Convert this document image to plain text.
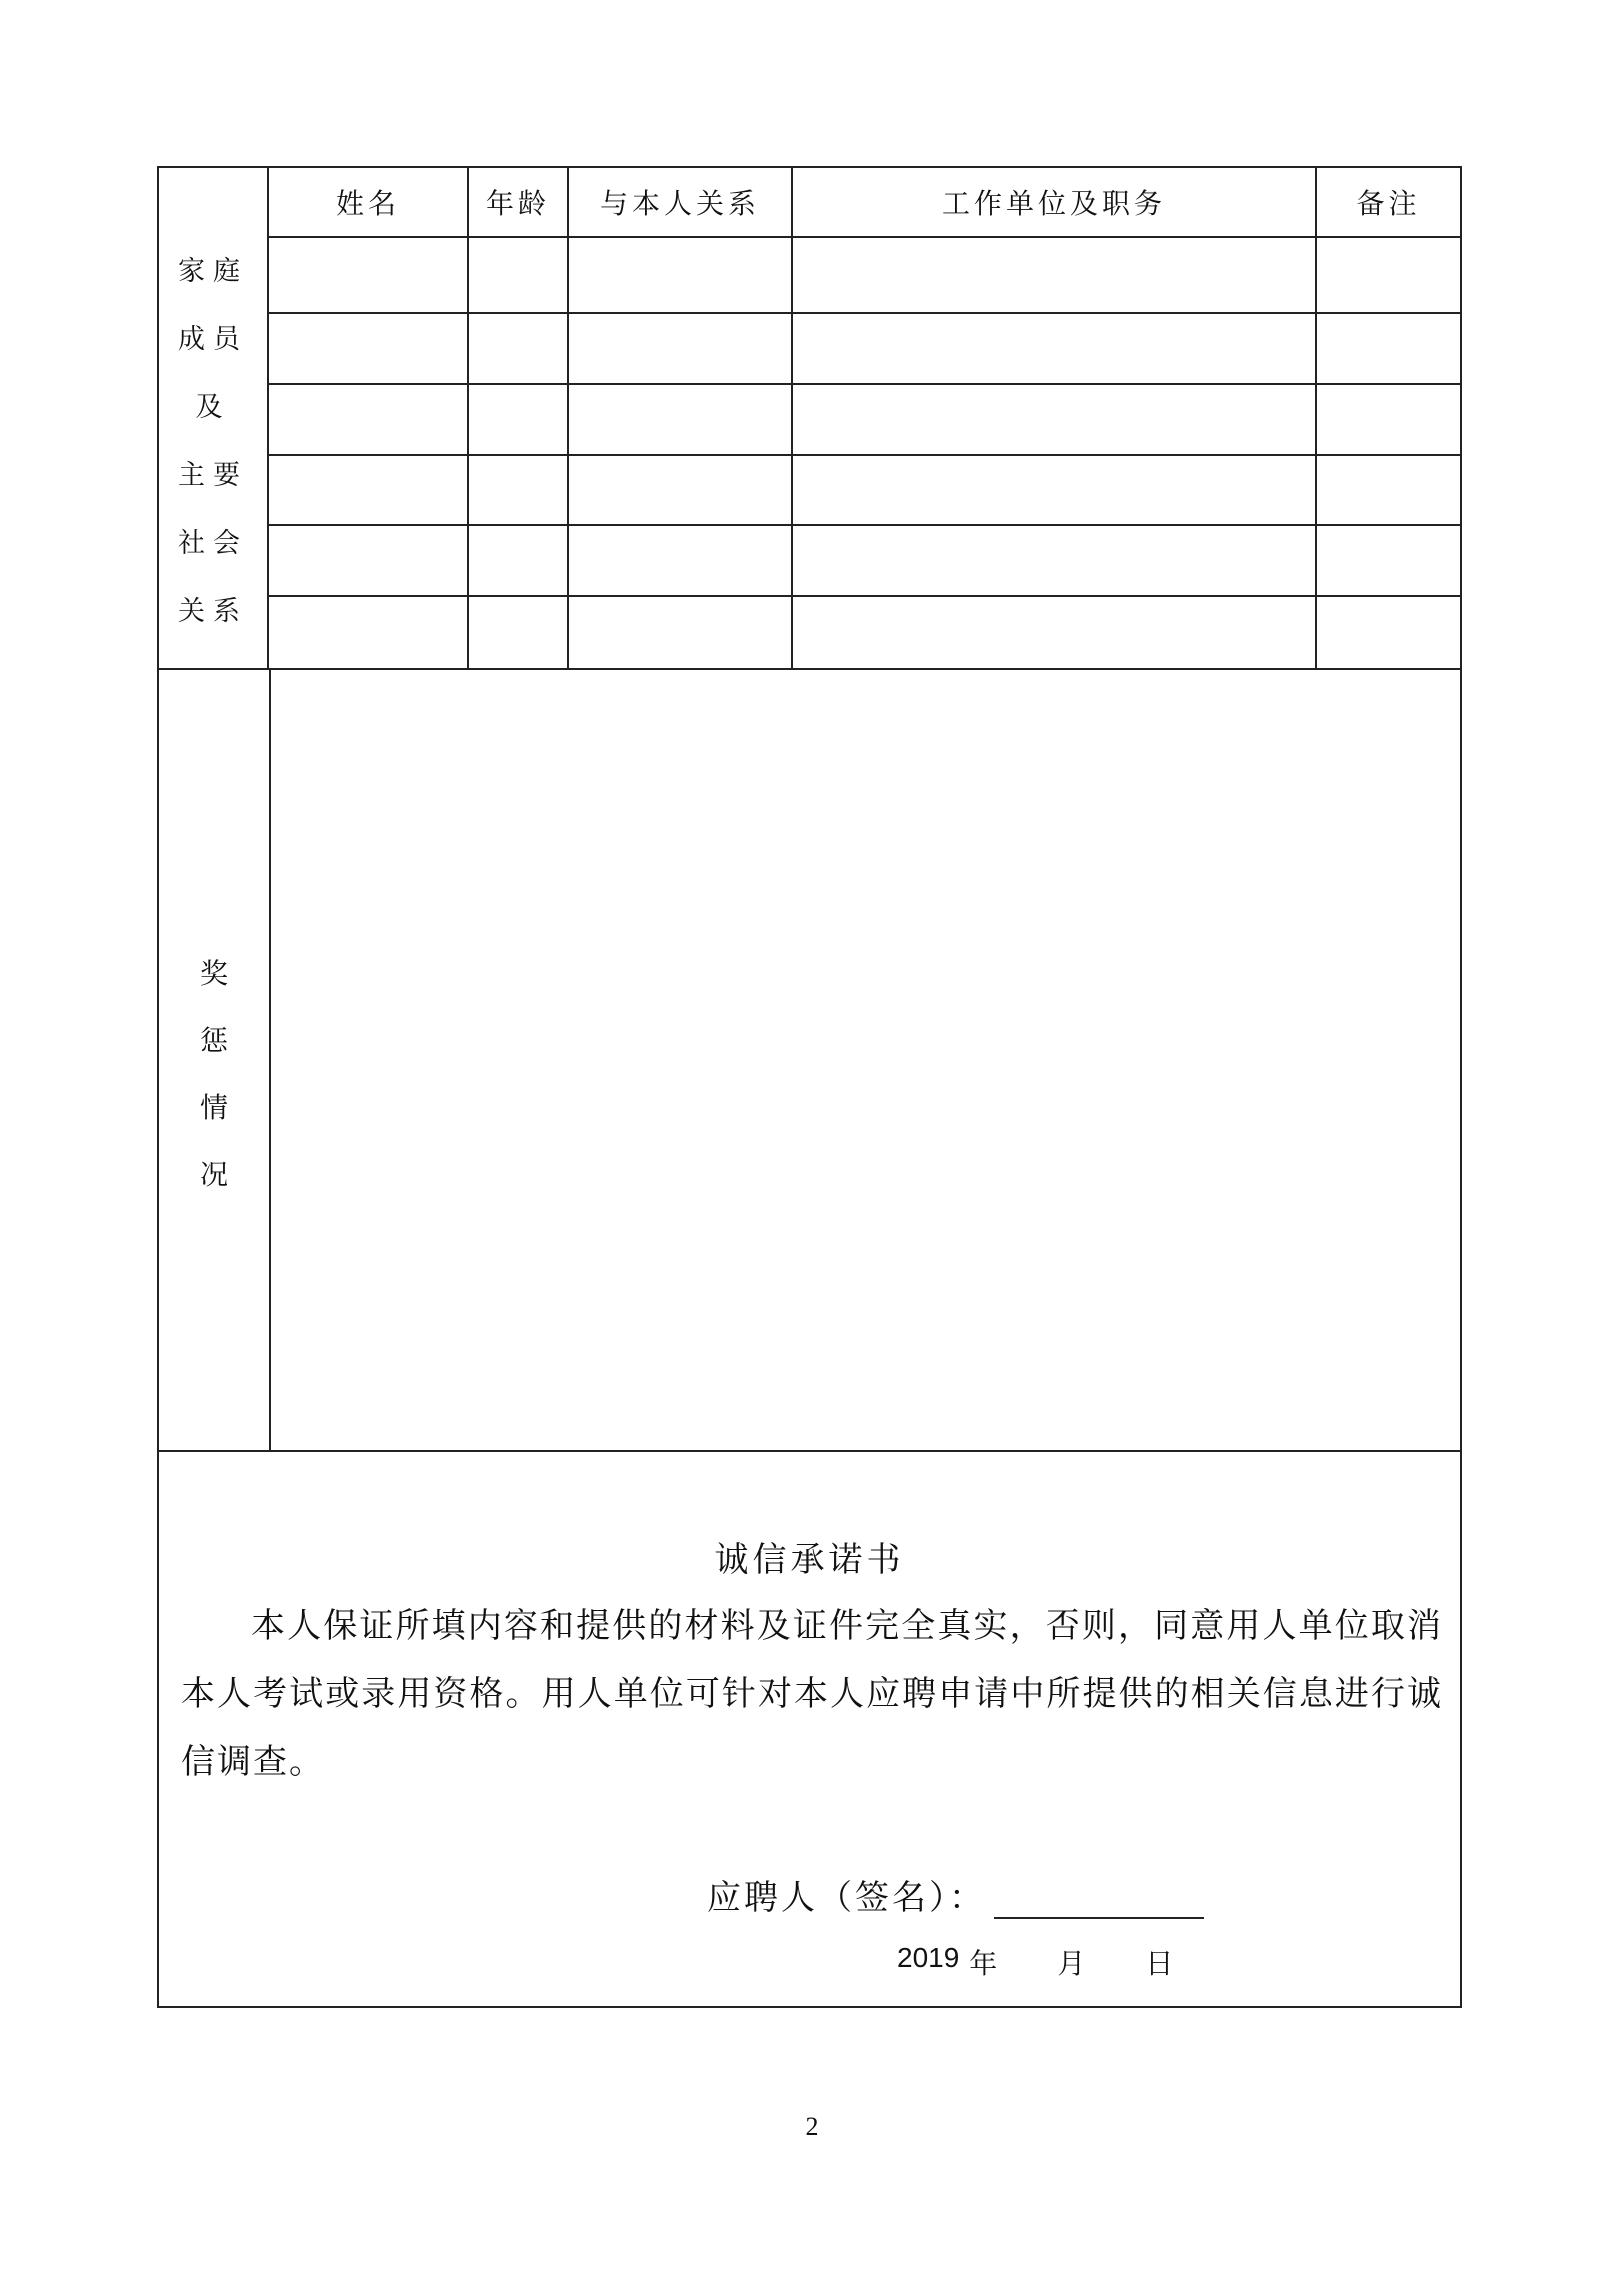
家庭
成员
及
主要
社会
关系
姓名	年龄	与本人关系	工作单位及职务	备注
奖
惩
情
况
诚信承诺书
本人保证所填内容和提供的材料及证件完全真实，否则，同意用人单位取消本人考试或录用资格。用人单位可针对本人应聘申请中所提供的相关信息进行诚信调查。
应聘人（签名）：
2019 年 月 日
2
